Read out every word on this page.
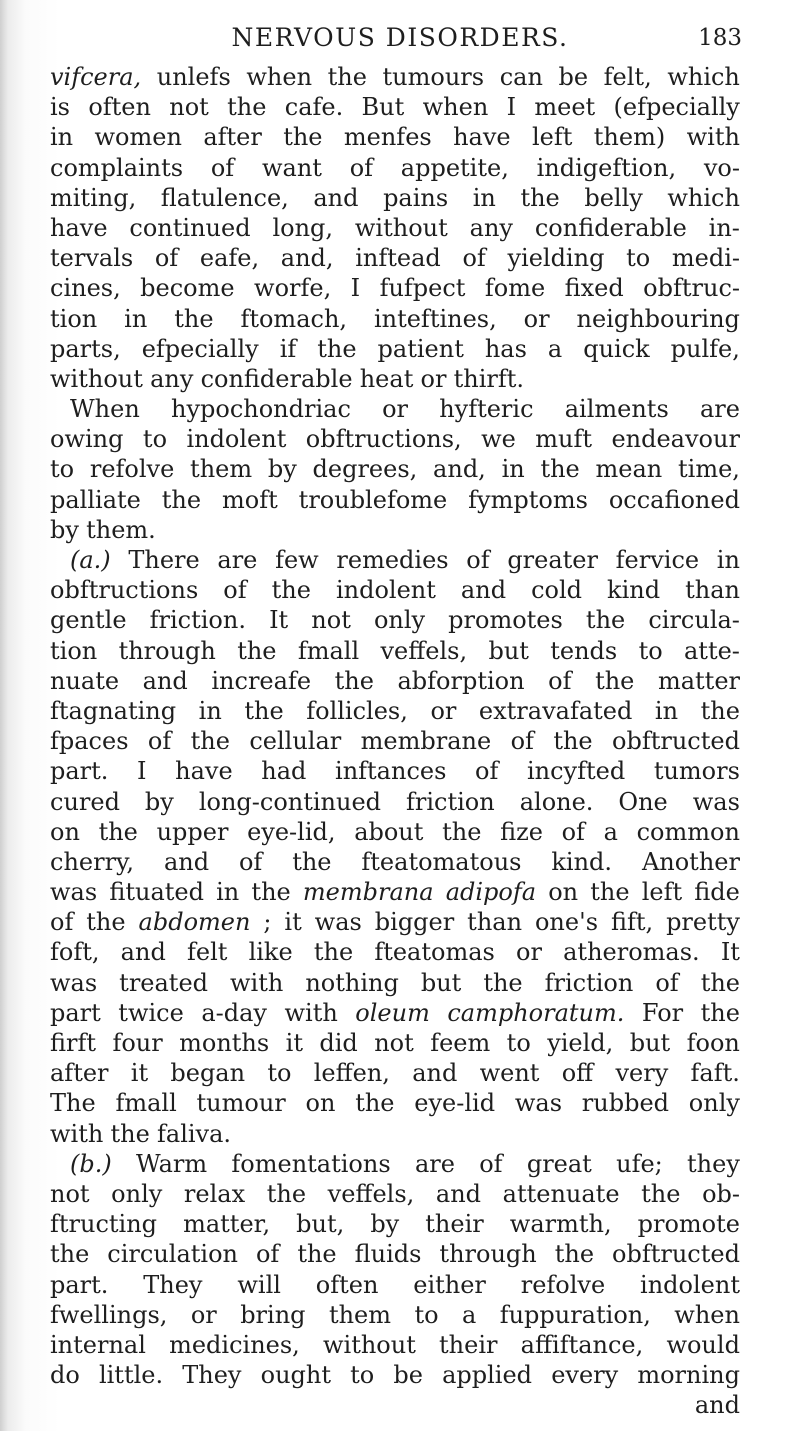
NERVOUS DISORDERS.	183
vifcera, unlefs when the tumours can be felt, which
is often not the cafe. But when I meet (efpecially
in women after the menfes have left them) with
complaints of want of appetite, indigeftion, vo-
miting, flatulence, and pains in the belly which
have continued long, without any confiderable in-
tervals of eafe, and, inftead of yielding to medi-
cines, become worfe, I fufpect fome fixed obftruc-
tion in the ftomach, inteftines, or neighbouring
parts, efpecially if the patient has a quick pulfe,
without any confiderable heat or thirft.
When hypochondriac or hyfteric ailments are
owing to indolent obftructions, we muft endeavour
to refolve them by degrees, and, in the mean time,
palliate the moft troublefome fymptoms occafioned
by them.
(a.) There are few remedies of greater fervice in
obftructions of the indolent and cold kind than
gentle friction. It not only promotes the circula-
tion through the fmall veffels, but tends to atte-
nuate and increafe the abforption of the matter
ftagnating in the follicles, or extravafated in the
fpaces of the cellular membrane of the obftructed
part. I have had inftances of incyfted tumors
cured by long-continued friction alone. One was
on the upper eye-lid, about the fize of a common
cherry, and of the fteatomatous kind. Another
was fituated in the membrana adipofa on the left fide
of the abdomen ; it was bigger than one's fift, pretty
foft, and felt like the fteatomas or atheromas. It
was treated with nothing but the friction of the
part twice a-day with oleum camphoratum. For the
firft four months it did not feem to yield, but foon
after it began to leffen, and went off very faft.
The fmall tumour on the eye-lid was rubbed only
with the faliva.
(b.) Warm fomentations are of great ufe; they
not only relax the veffels, and attenuate the ob-
ftructing matter, but, by their warmth, promote
the circulation of the fluids through the obftructed
part. They will often either refolve indolent
fwellings, or bring them to a fuppuration, when
internal medicines, without their affiftance, would
do little. They ought to be applied every morning
and
